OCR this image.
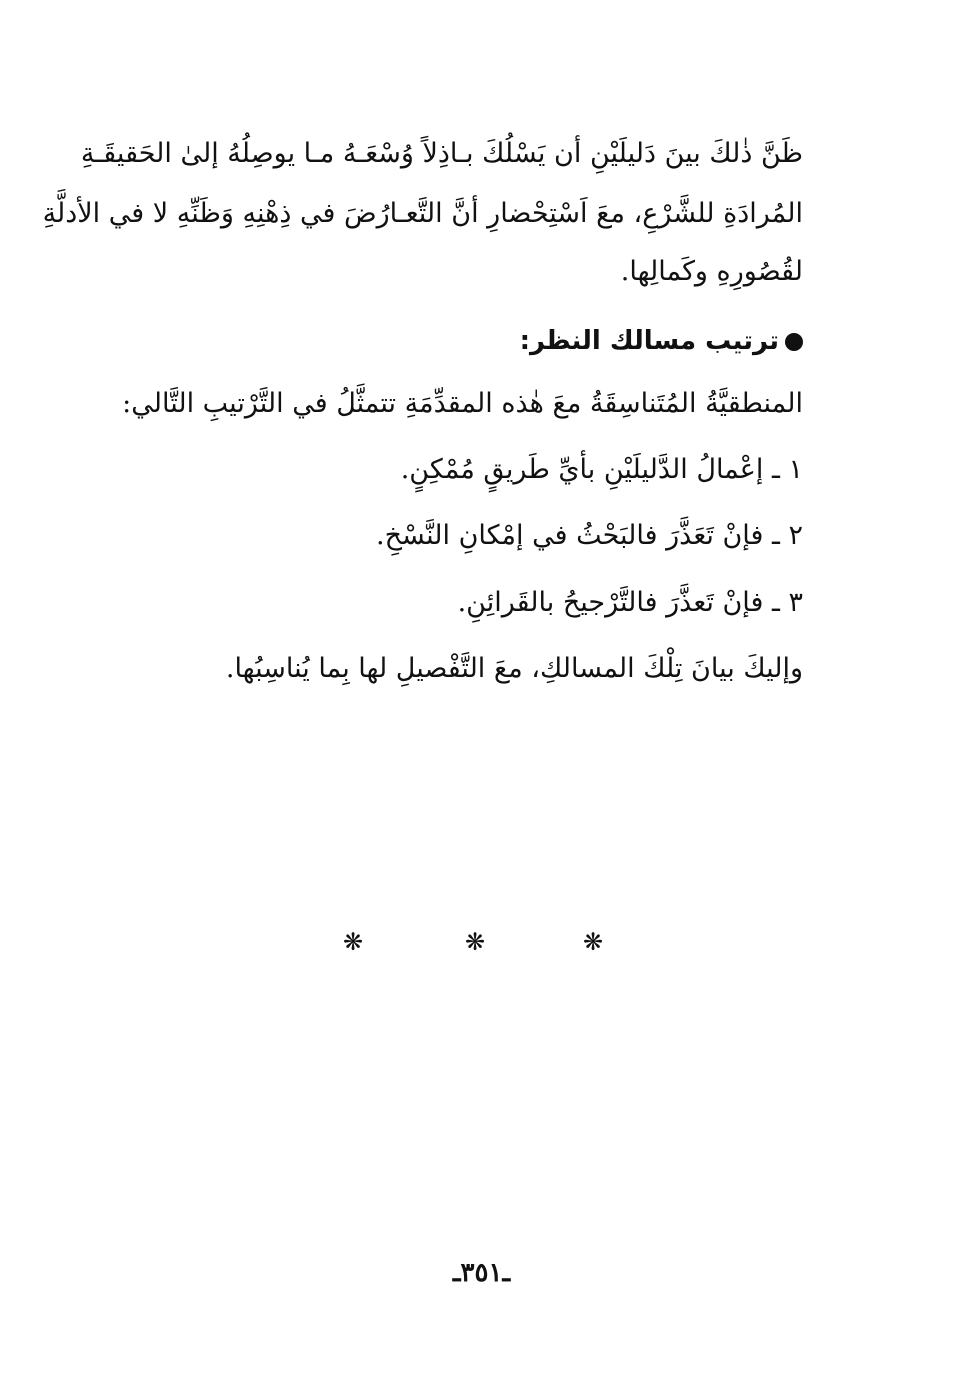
ظَنَّ ذٰلكَ بينَ دَليلَيْنِ أن يَسْلُكَ بـاذِلاً وُسْعَـهُ مـا يوصِلُهُ إلىٰ الحَقيقَـةِ
المُرادَةِ للشَّرْعِ، معَ اَسْتِحْضارِ أنَّ التَّعـارُضَ في ذِهْنِهِ وَظَنِّهِ لا في الأدلَّةِ
لقُصُورِهِ وكَمالِها.
ترتيب مسالك النظر:
المنطقيَّةُ المُتَناسِقَةُ معَ هٰذه المقدِّمَةِ تتمثَّلُ في التَّرْتيبِ التَّالي:
١ ـ إعْمالُ الدَّليلَيْنِ بأيِّ طَريقٍ مُمْكِنٍ.
٢ ـ فإنْ تَعَذَّرَ فالبَحْثُ في إمْكانِ النَّسْخِ.
٣ ـ فإنْ تَعذَّرَ فالتَّرْجيحُ بالقَرائِنِ.
وإليكَ بيانَ تِلْكَ المسالكِ، معَ التَّفْصيلِ لها بِما يُناسِبُها.
❋	❋	❋
ـ٣٥١ـ
